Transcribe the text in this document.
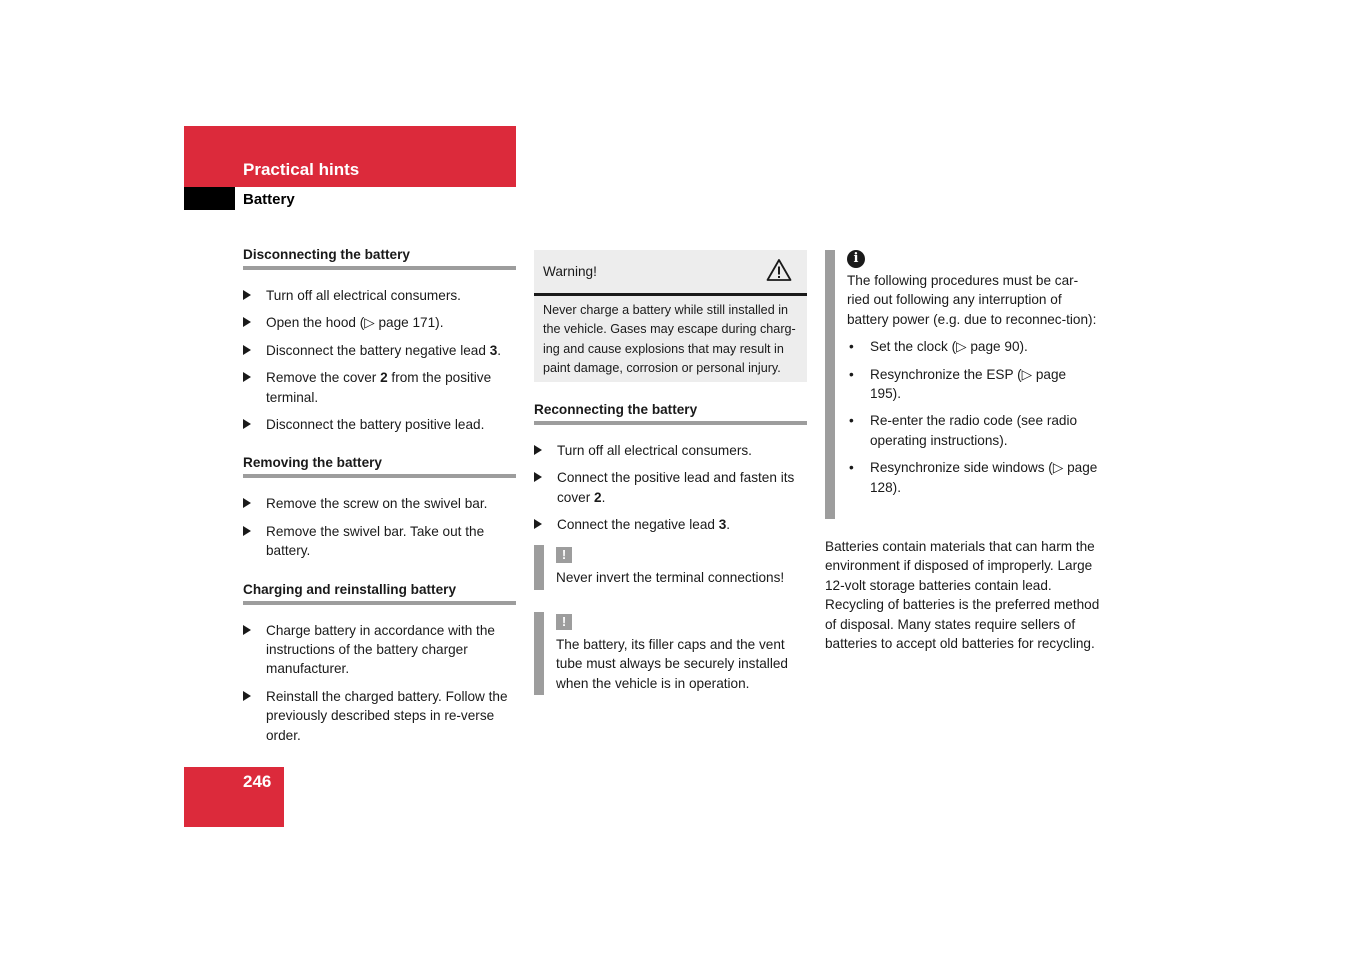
Practical hints
Battery
Disconnecting the battery
Turn off all electrical consumers.
Open the hood (▷ page 171).
Disconnect the battery negative lead 3.
Remove the cover 2 from the positive terminal.
Disconnect the battery positive lead.
Removing the battery
Remove the screw on the swivel bar.
Remove the swivel bar. Take out the battery.
Charging and reinstalling battery
Charge battery in accordance with the instructions of the battery charger manufacturer.
Reinstall the charged battery. Follow the previously described steps in re-verse order.
Warning!
Never charge a battery while still installed in the vehicle. Gases may escape during charg-ing and cause explosions that may result in paint damage, corrosion or personal injury.
Reconnecting the battery
Turn off all electrical consumers.
Connect the positive lead and fasten its cover 2.
Connect the negative lead 3.
!
Never invert the terminal connections!
!
The battery, its filler caps and the vent tube must always be securely installed when the vehicle is in operation.
i
The following procedures must be car-ried out following any interruption of battery power (e.g. due to reconnec-tion):
• Set the clock (▷ page 90).
• Resynchronize the ESP (▷ page 195).
• Re-enter the radio code (see radio operating instructions).
• Resynchronize side windows (▷ page 128).
Batteries contain materials that can harm the environment if disposed of improperly. Large 12-volt storage batteries contain lead. Recycling of batteries is the preferred method of disposal. Many states require sellers of batteries to accept old batteries for recycling.
246
